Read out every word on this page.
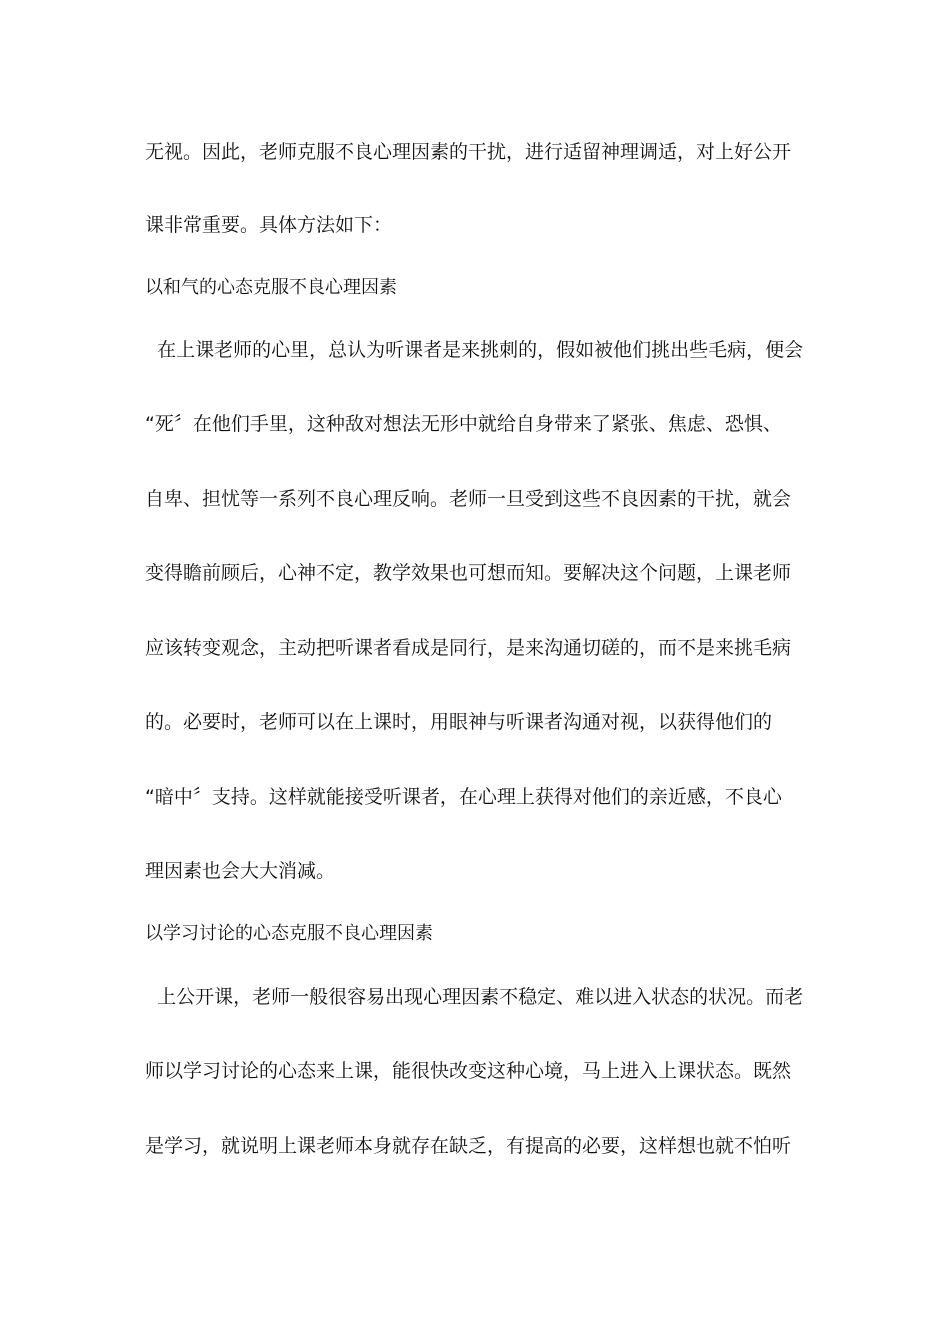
无视。因此，老师克服不良心理因素的干扰，进行适留神理调适，对上好公开
课非常重要。具体方法如下：
以和气的心态克服不良心理因素
在上课老师的心里，总认为听课者是来挑刺的，假如被他们挑出些毛病，便会
“死〞在他们手里，这种敌对想法无形中就给自身带来了紧张、焦虑、恐惧、
自卑、担忧等一系列不良心理反响。老师一旦受到这些不良因素的干扰，就会
变得瞻前顾后，心神不定，教学效果也可想而知。要解决这个问题，上课老师
应该转变观念，主动把听课者看成是同行，是来沟通切磋的，而不是来挑毛病
的。必要时，老师可以在上课时，用眼神与听课者沟通对视，以获得他们的
“暗中〞支持。这样就能接受听课者，在心理上获得对他们的亲近感，不良心
理因素也会大大消减。
以学习讨论的心态克服不良心理因素
上公开课，老师一般很容易出现心理因素不稳定、难以进入状态的状况。而老
师以学习讨论的心态来上课，能很快改变这种心境，马上进入上课状态。既然
是学习，就说明上课老师本身就存在缺乏，有提高的必要，这样想也就不怕听
